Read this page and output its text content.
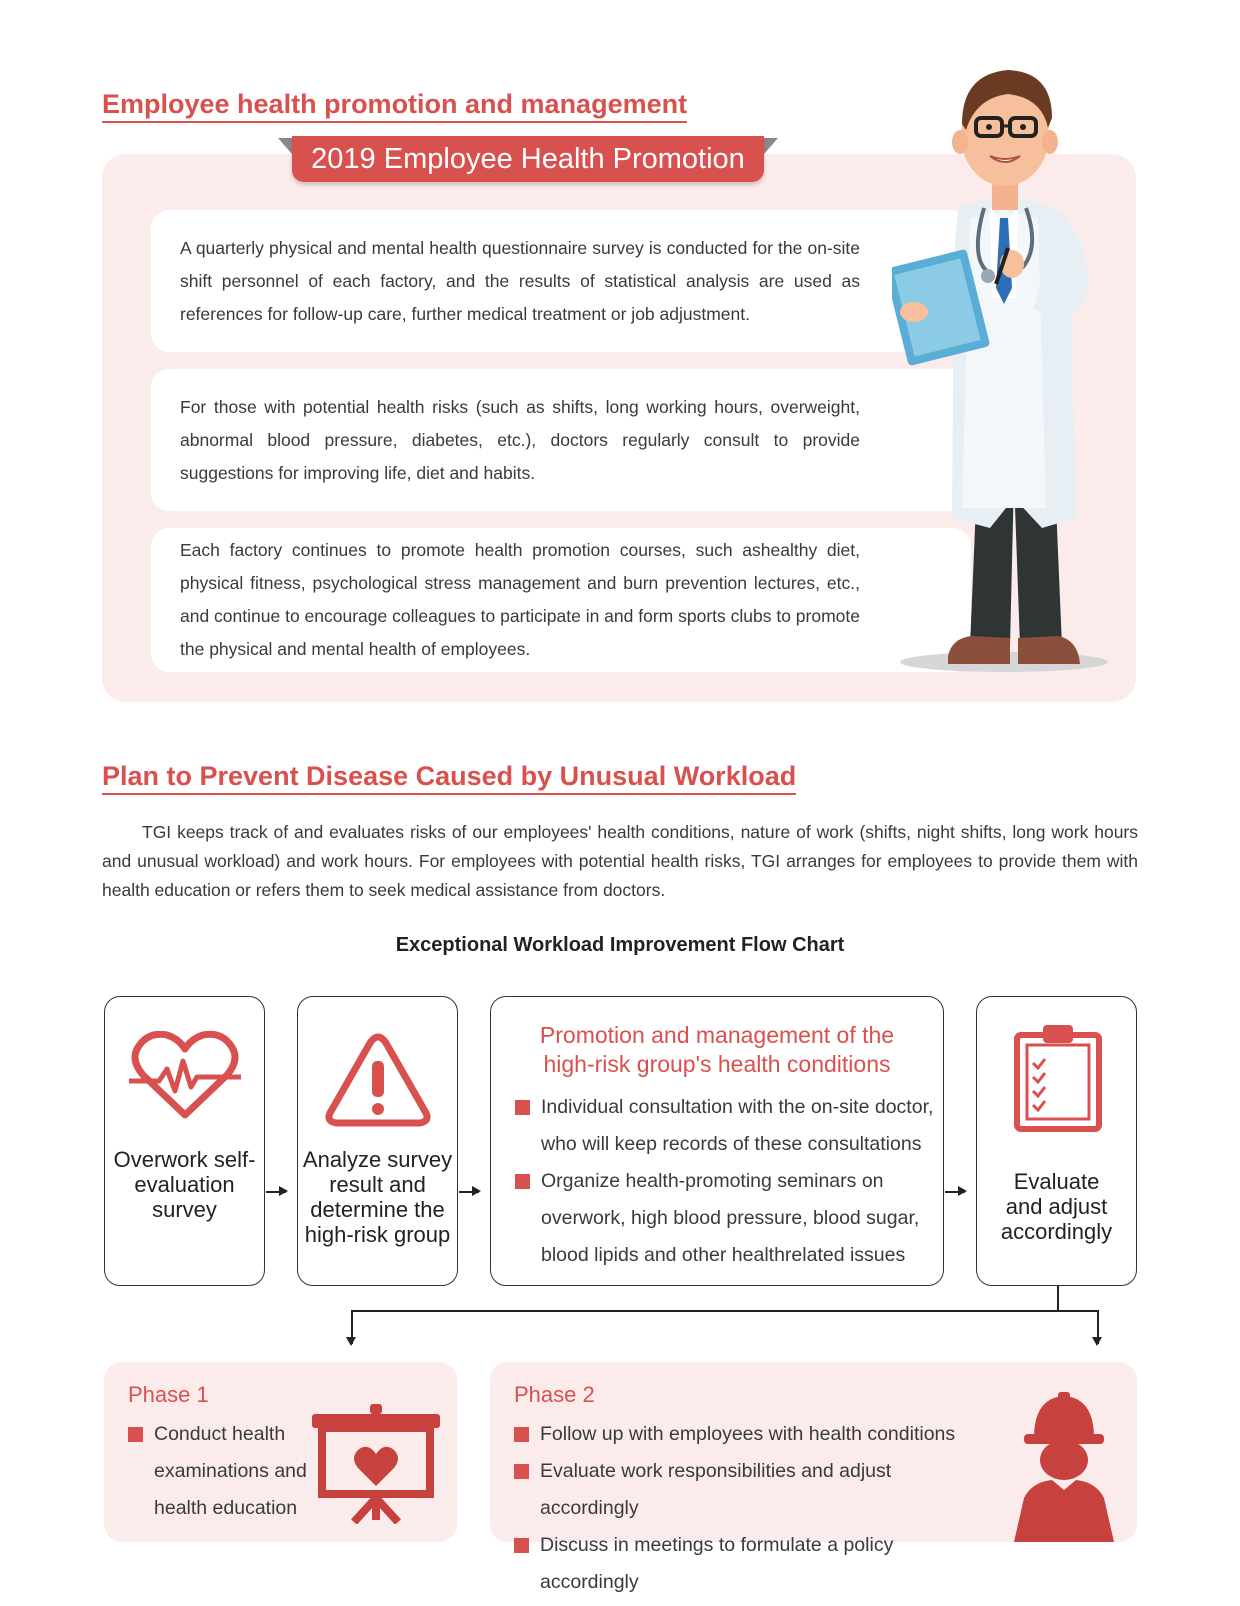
Employee health promotion and management
2019 Employee Health Promotion

A quarterly physical and mental health questionnaire survey is conducted for the on-site shift personnel of each factory, and the results of statistical analysis are used as references for follow-up care, further medical treatment or job adjustment.

For those with potential health risks (such as shifts, long working hours, overweight, abnormal blood pressure, diabetes, etc.), doctors regularly consult to provide suggestions for improving life, diet and habits.

Each factory continues to promote health promotion courses, such ashealthy diet, physical fitness, psychological stress management and burn prevention lectures, etc., and continue to encourage colleagues to participate in and form sports clubs to promote the physical and mental health of employees.

Plan to Prevent Disease Caused by Unusual Workload

TGI keeps track of and evaluates risks of our employees' health conditions, nature of work (shifts, night shifts, long work hours and unusual workload) and work hours. For employees with potential health risks, TGI arranges for employees to provide them with health education or refers them to seek medical assistance from doctors.

Exceptional Workload Improvement Flow Chart
Overwork self-
evaluation
survey
Analyze survey
result and
determine the
high-risk group
Promotion and management of the
high-risk group's health conditions
Individual consultation with the on-site doctor,
who will keep records of these consultations
Organize health-promoting seminars on
overwork, high blood pressure, blood sugar,
blood lipids and other healthrelated issues
Evaluate
and adjust
accordingly
Phase 1
Conduct health
examinations and
health education
Phase 2
Follow up with employees with health conditions
Evaluate work responsibilities and adjust accordingly
Discuss in meetings to formulate a policy accordingly
